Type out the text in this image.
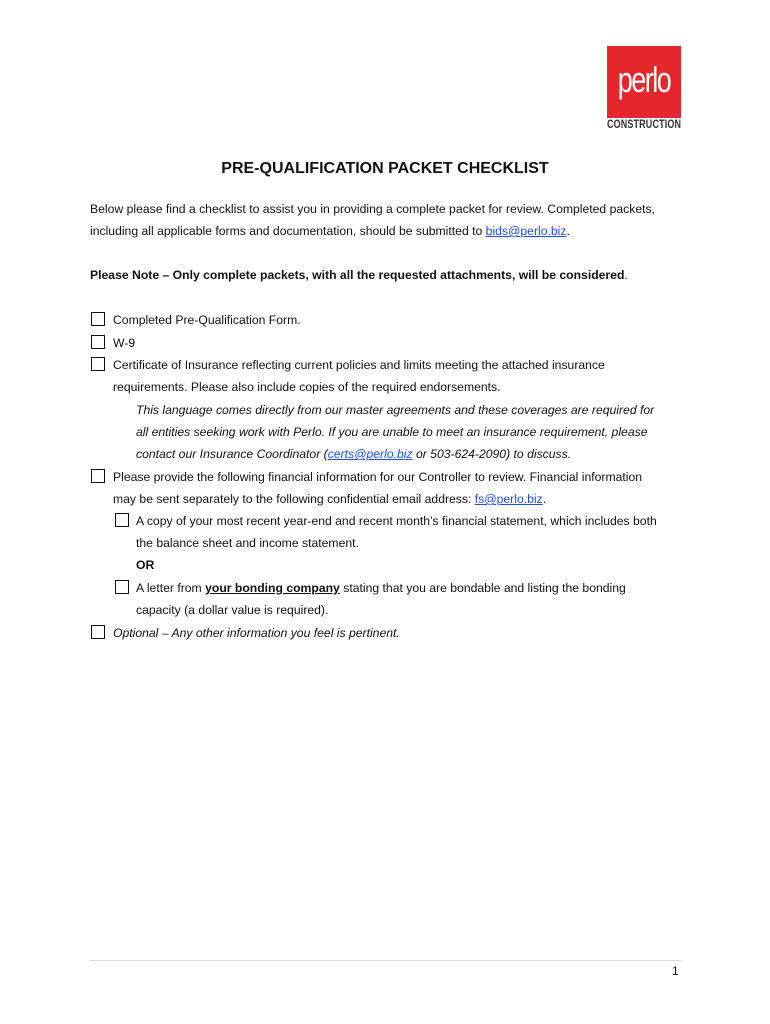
perlo
CONSTRUCTION
PRE-QUALIFICATION PACKET CHECKLIST
Below please find a checklist to assist you in providing a complete packet for review. Completed packets,
including all applicable forms and documentation, should be submitted to bids@perlo.biz.
Please Note – Only complete packets, with all the requested attachments, will be considered.
Completed Pre-Qualification Form.
W-9
Certificate of Insurance reflecting current policies and limits meeting the attached insurance
requirements. Please also include copies of the required endorsements.
This language comes directly from our master agreements and these coverages are required for
all entities seeking work with Perlo. If you are unable to meet an insurance requirement, please
contact our Insurance Coordinator (certs@perlo.biz or 503-624-2090) to discuss.
Please provide the following financial information for our Controller to review. Financial information
may be sent separately to the following confidential email address: fs@perlo.biz.
A copy of your most recent year-end and recent month’s financial statement, which includes both
the balance sheet and income statement.
OR
A letter from your bonding company stating that you are bondable and listing the bonding
capacity (a dollar value is required).
Optional – Any other information you feel is pertinent.
1
